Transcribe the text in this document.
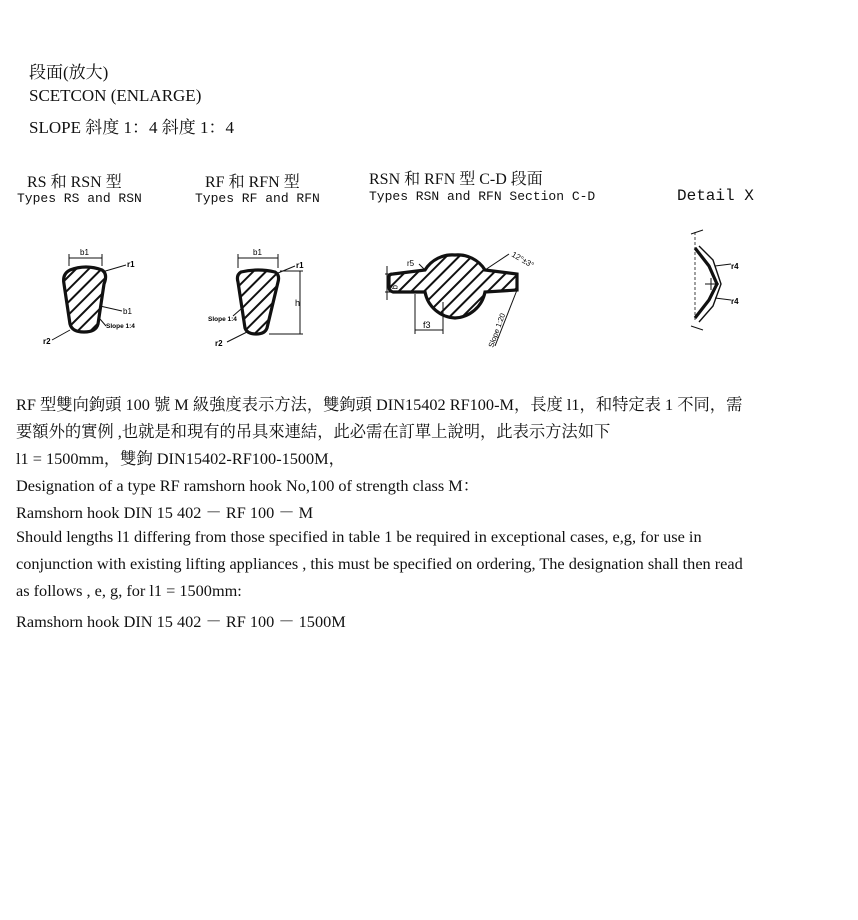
段面(放大)
SCETCON (ENLARGE)
SLOPE 斜度 1：4 斜度 1：4
RS 和 RSN 型
Types RS and RSN
RF 和 RFN 型
Types RF and RFN
RSN 和 RFN 型 C-D 段面
Types RSN and RFN Section C-D	Detail X
b1
r1
b1
Slope 1:4
r2
b1
r1
h
Slope 1:4
r2
r5
g
f3
12°±3°
Slope 1:20
r4
r4
RF 型雙向鉤頭 100 號 M 級強度表示方法，雙鉤頭 DIN15402 RF100-M，長度 l1，和特定表 1 不同，需
要額外的實例 ,也就是和現有的吊具來連結，此必需在訂單上說明，此表示方法如下
l1 = 1500mm，雙鉤 DIN15402-RF100-1500M，
Designation of a type RF ramshorn hook No,100 of strength class M：
Ramshorn hook DIN 15 402 － RF 100 － M
Should lengths l1 differing from those specified in table 1 be required in exceptional cases, e,g, for use in
conjunction with existing lifting appliances , this must be specified on ordering, The designation shall then read
as follows , e, g, for l1 = 1500mm:
Ramshorn hook DIN 15 402 － RF 100 － 1500M
